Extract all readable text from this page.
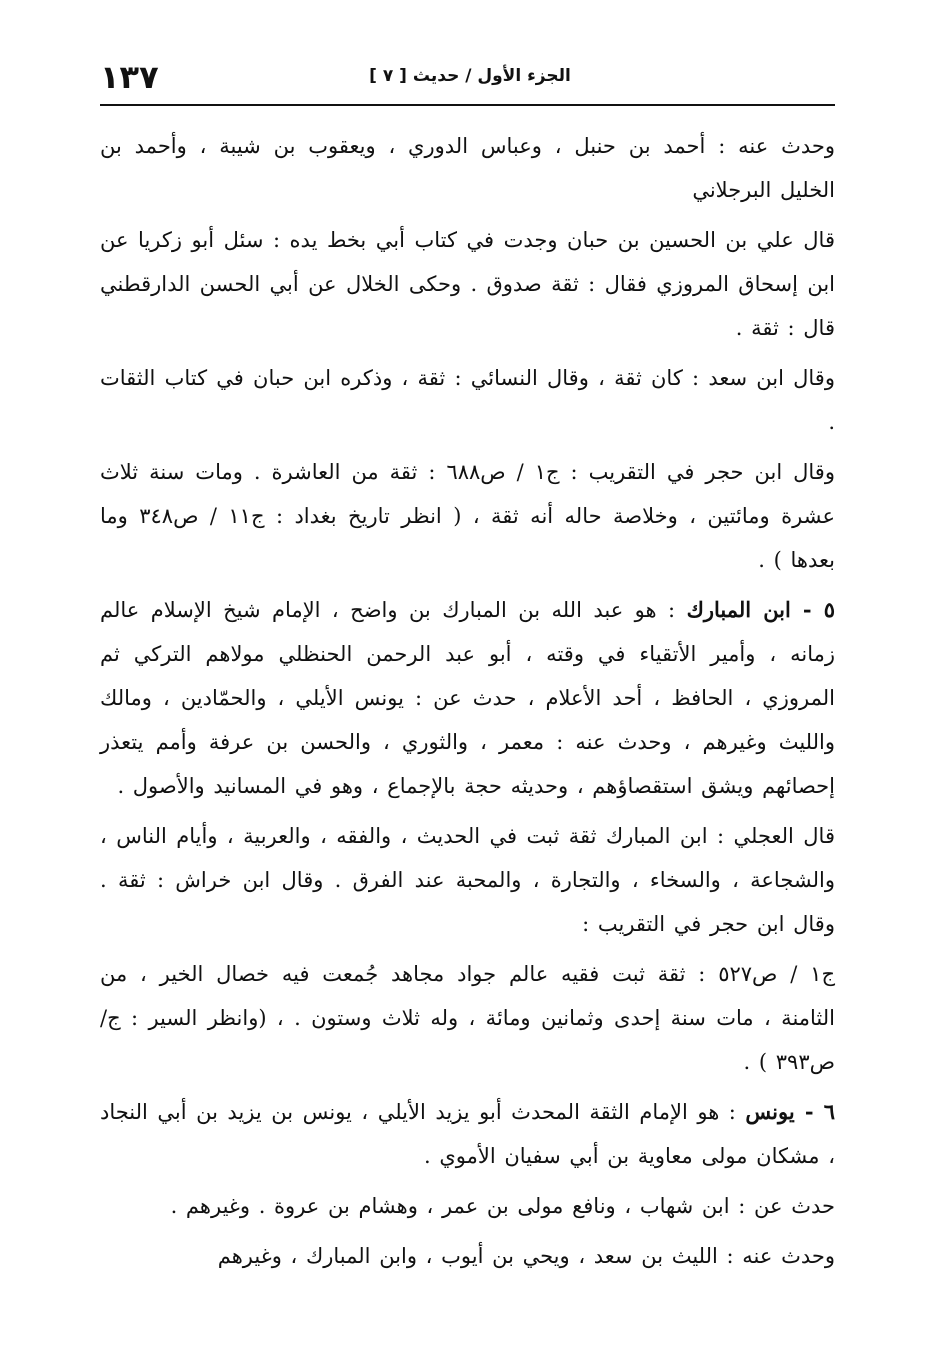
الجزء الأول / حديث [ ٧ ]
١٣٧

وحدث عنه : أحمد بن حنبل ، وعباس الدوري ، ويعقوب بن شيبة ، وأحمد بن الخليل البرجلاني

قال علي بن الحسين بن حبان وجدت في كتاب أبي بخط يده : سئل أبو زكريا عن ابن إسحاق المروزي فقال : ثقة صدوق . وحكى الخلال عن أبي الحسن الدارقطني قال : ثقة .

وقال ابن سعد : كان ثقة ، وقال النسائي : ثقة ، وذكره ابن حبان في كتاب الثقات .

وقال ابن حجر في التقريب : ج١ / ص٦٨٨ : ثقة من العاشرة . ومات سنة ثلاث عشرة ومائتين ، وخلاصة حاله أنه ثقة ، ( انظر تاريخ بغداد : ج١١ / ص٣٤٨ وما بعدها ) .

٥ - ابن المبارك : هو عبد الله بن المبارك بن واضح ، الإمام شيخ الإسلام عالم زمانه ، وأمير الأتقياء في وقته ، أبو عبد الرحمن الحنظلي مولاهم التركي ثم المروزي ، الحافظ ، أحد الأعلام ، حدث عن : يونس الأيلي ، والحمّادين ، ومالك والليث وغيرهم ، وحدث عنه : معمر ، والثوري ، والحسن بن عرفة وأمم يتعذر إحصائهم ويشق استقصاؤهم ، وحديثه حجة بالإجماع ، وهو في المسانيد والأصول .

قال العجلي : ابن المبارك ثقة ثبت في الحديث ، والفقه ، والعربية ، وأيام الناس ، والشجاعة ، والسخاء ، والتجارة ، والمحبة عند الفرق . وقال ابن خراش : ثقة . وقال ابن حجر في التقريب :

ج١ / ص٥٢٧ : ثقة ثبت فقيه عالم جواد مجاهد جُمعت فيه خصال الخير ، من الثامنة ، مات سنة إحدى وثمانين ومائة ، وله ثلاث وستون . ، (وانظر السير : ج/ ص٣٩٣ ) .

٦ - يونس : هو الإمام الثقة المحدث أبو يزيد الأيلي ، يونس بن يزيد بن أبي النجاد ، مشكان مولى معاوية بن أبي سفيان الأموي .

حدث عن : ابن شهاب ، ونافع مولى بن عمر ، وهشام بن عروة . وغيرهم .

وحدث عنه : الليث بن سعد ، ويحي بن أيوب ، وابن المبارك ، وغيرهم
